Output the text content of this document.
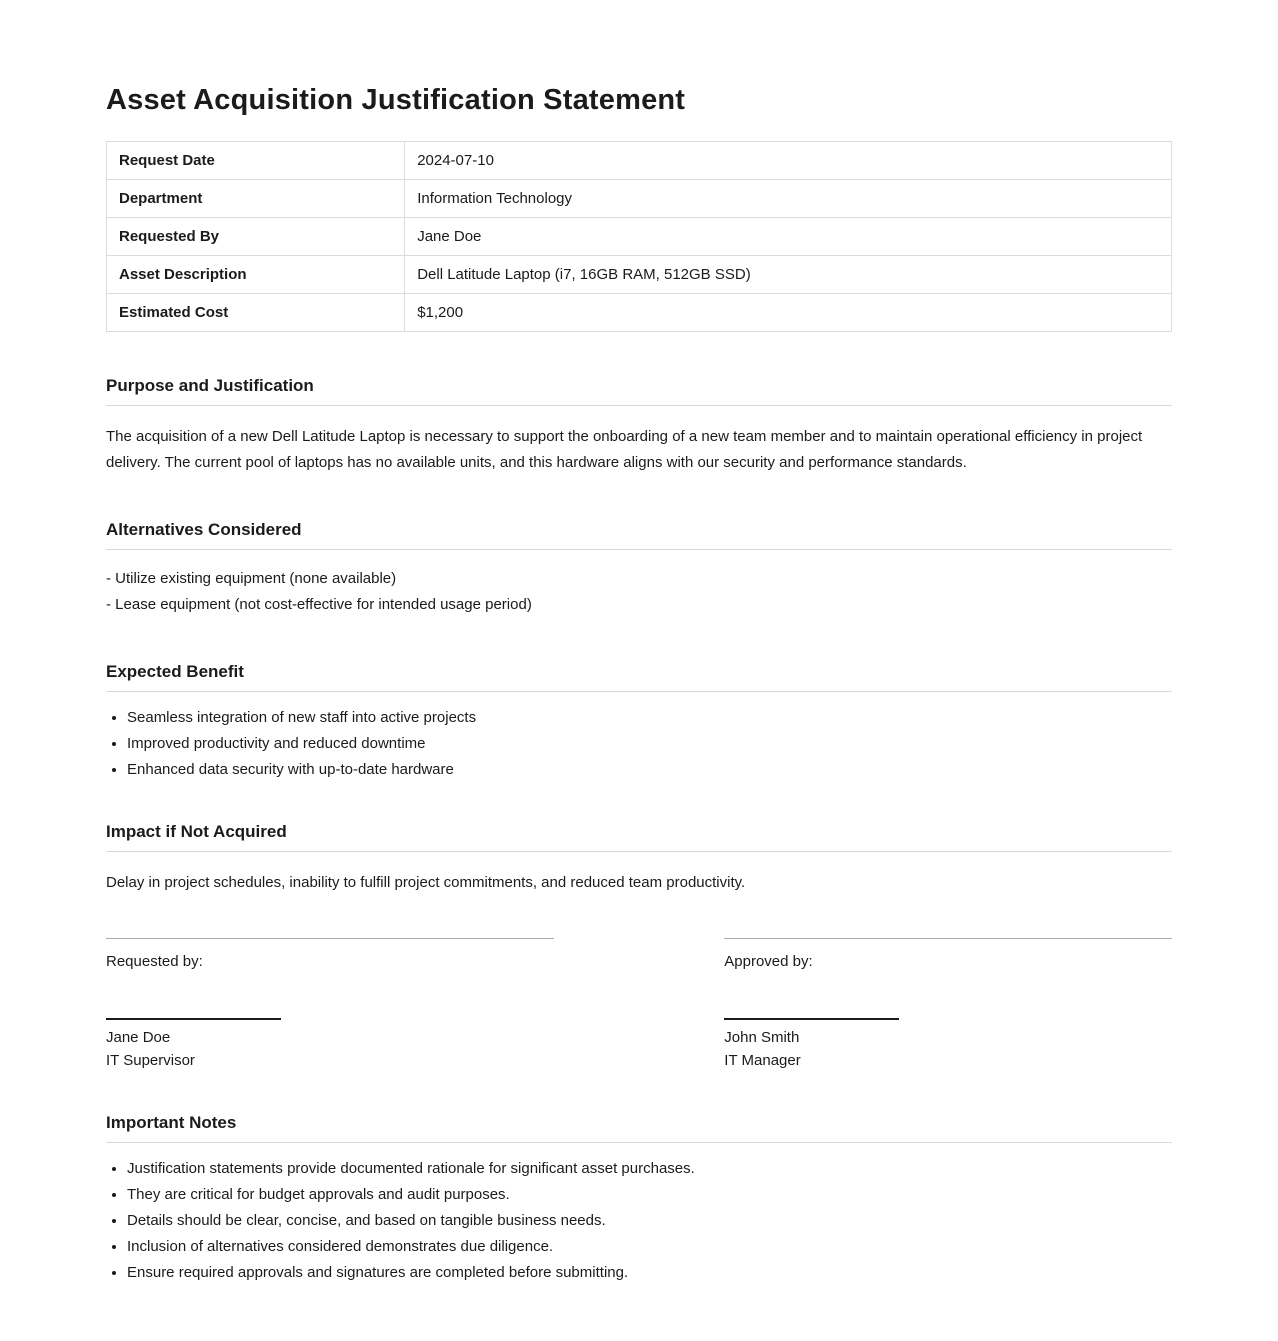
Asset Acquisition Justification Statement
Request Date	2024-07-10
Department	Information Technology
Requested By	Jane Doe
Asset Description	Dell Latitude Laptop (i7, 16GB RAM, 512GB SSD)
Estimated Cost	$1,200
Purpose and Justification

The acquisition of a new Dell Latitude Laptop is necessary to support the onboarding of a new team member and to maintain operational efficiency in project delivery. The current pool of laptops has no available units, and this hardware aligns with our security and performance standards.

Alternatives Considered
- Utilize existing equipment (none available)
- Lease equipment (not cost-effective for intended usage period)
Expected Benefit
• Seamless integration of new staff into active projects
• Improved productivity and reduced downtime
• Enhanced data security with up-to-date hardware
Impact if Not Acquired

Delay in project schedules, inability to fulfill project commitments, and reduced team productivity.

Requested by:
Jane Doe
IT Supervisor
Approved by:
John Smith
IT Manager
Important Notes
• Justification statements provide documented rationale for significant asset purchases.
• They are critical for budget approvals and audit purposes.
• Details should be clear, concise, and based on tangible business needs.
• Inclusion of alternatives considered demonstrates due diligence.
• Ensure required approvals and signatures are completed before submitting.
